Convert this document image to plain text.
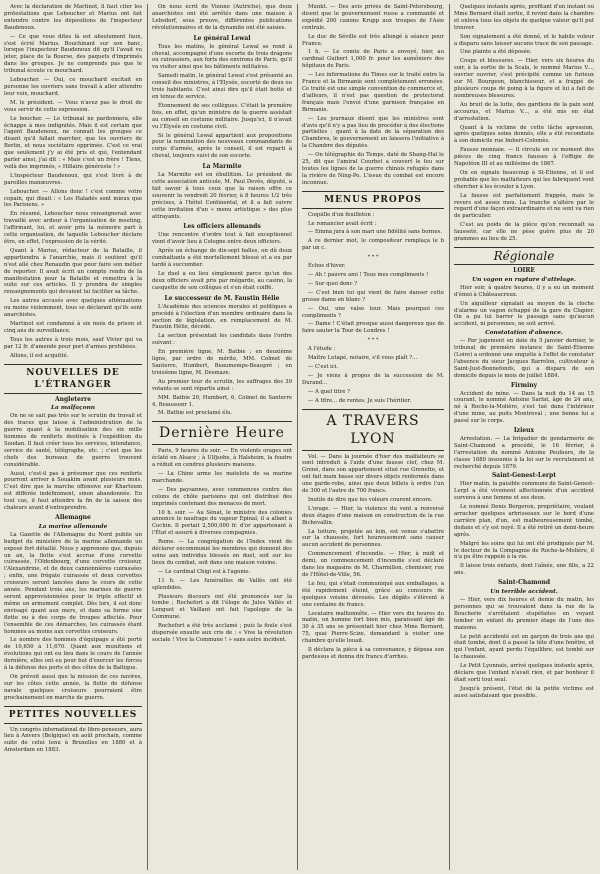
Avec la déclaration de Martinot, il faut citer les protestations que Leboucher et Marius ont fait entendre contre les dépositions de l'inspecteur Baudenoux.

— Ce que vous dites là est absolument faux, s'est écrié Marius. Bouchinant sur son banc, lorsque l'inspecteur Baudenoux dit qu'il l'avait vu jeter, place de la Bourse, des paquets d'imprimés dans les groupes. Je ne comprends pas que le tribunal écoute ce mouchard.

Leboucher. — Oui, ce mouchard excitait en personne les ouvriers sans travail à aller attendre leur voix, mouchard.

M. le président. — Vous n'avez pas le droit de vous servir de cette expression.

Le boucher. — Le tribunal ne pardonnera, elle échappe à mes indignités. Mais il est certain que l'agent Baudenoux, ne connait les groupes ce disant qu'il fallait marcher, que les ouvriers de Berlin, et nous sociétaire opprimée. C'est ce vrai que seulement j'y ai été pris et qui, l'entendant parler ainsi, j'ai dit : « Mais c'est un frère ! Tiens, voilà des imprimés, « Hillaire généreste ! »

L'inspecteur Baudenoux, qui s'est livré à de pareilles manœuvres.

Leboucher. — Allons donc ! c'est comme votre copain, qui disait : « Les Haladés sont mieux que les Parisiens. »

En résumé, Leboucher nous renseignerait avec travaillé avec ardeur à l'organisation de meeting, l'affirmant, lui, et avoir pris la mémoire part à cette organisation, de laquelle Leboucher déclare être, en effet, l'expression de la vérité.

Quant à Marius, rédacteur de la Bataille, il appartiendra à l'anarchie, mais il soutient qu'il n'est allé chez Renaudin que pour faire son métier de reporter. Il avait écrit un compte rendu de la manifestation pour la Bataille et remettra à la suite sur ces articles. Il y prendra de simples renseignements qui devaient lui faciliter sa tâche.

Les autres accusés avec quelques atténuations ou moins violemment, tous se déclarant qu'ils sont anarchistes.

Martinot est condamné à six mois de prison et cinq ans de surveillance.

Tous les autres à trois mois, sauf Vivier qui va par 12 fr. d'amende pour port d'armes prohibées.

Allons, il est acquitté.

NOUVELLES DE L'ÉTRANGER
Angleterre
La malfaçonn

On ne se sait pas très sur le scrutin du travail et des traces que laisse à l'administration de la guerre quant à la mobilisation des six mille hommes de renforts destinés à l'expédition du Soudan. Il faut créer tous les services, intendance, service de santé, télégraphe, etc. ; c'est que les chefs des bureaux de guerre trouvent considérable.

Aussi, c'est-il pas à présumer que ces renforts pourront arriver à Souakim avant plusieurs mois. C'est dire que la marche offensive sur Khartoum est différée indéfiniment, sinon abandonnée. En tout cas, il faut attendre la fin de la saison des chaleurs avant d'entreprendre.

Allemagne
La marine allemande

La Gazette de l'Allemagne du Nord publie un budget du ministère de la marine allemande un exposé fort détaillé. Nous y apprenons que, depuis un an, la flotte s'est accrue d'une corvette cuirassée, l'Oldenbourg, d'une corvette croiseur, l'Alexandrine, et de deux cannonnières cuirassées ; enfin, une frégate cuirassée et deux corvettes croiseurs seront lancées dans le cours de cette année. Pendant trois ans, les marines de guerre seront approvisionnées pour le triple effectif et même un armement complet. Dès lors, il est donc envisagé quant aux mers, et dans sa forme une flotte ou à des corps de troupes affectés. Pour l'ensemble de ces démarches, les cuirassés étant hommes au moins aux corvettes croiseurs.

Le nombre des hommes d'équipage a été porté de 10,650 à 11,670. Quant aux munitions et évolutions qui ont eu lieu dans le cours de l'année dernière, elles ont eu pour but d'exercer les forces à la défense des ports et des côtes de la Baltique.

On prévoit aussi que la mission de ces navires, sur les côtes cette année, la flotte de défense navale quelques croiseurs pourraient être prochainement en marche de guerre.

PETITES NOUVELLES

Un congrès international de libre-penseurs, aura lieu à Anvers (Belgique) en août prochain, comme suite de celui tenu à Bruxelles en 1880 et à Amsterdam en 1883.

On nous écrit de Vienne (Autriche), que deux anarchistes ont été arrêtés dans une maison à Lebsdorf, sous preuve, différentes publications révolutionnaires et de la dynamite ont été saisies.

Le général Lewal

Tous les matins, le général Lewal se rend à cheval, accompagné d'une escorte de trois dragons ou cuirassiers, aux forts des environs de Paris, qu'il va visiter ainsi que les bâtiments militaires.

Samedi matin, le général Lewal s'est présenté au conseil des ministres, à l'Élysée, escorté de deux ou trois habitants. C'est ainsi dire qu'il était botté et en tenue de service.

Étonnement de ses collègues. C'était la première fois, en effet, qu'un ministre de la guerre assistait au conseil en costume militaire. Jusqu'ici, il n'avait vu l'Élysée en costume civil.

Si le général Lewal appartient aux propositions pour la nomination des nouveaux commandants de corps d'armée, après le conseil, il est reparti à cheval, toujours suivi de son escorte.

La Marmite

La Marmite est en ébullition. Le président de cette association anticole, M. Paul Devès, député, a fait savoir à tous ceux que la raison offre ce souvenir la vendredi 20 février, à 8 heures 1/2 très précises, à l'hôtel Continental, et il a fait suivre cette invitation d'un « menu artistique » des plus attrayants.

Les officiers allemands

Une rencontre d'ordre tout à fait exceptionnel vient d'avoir lieu à Cologne entre deux officiers.

Après un échange de dix-sept balles, on dû deux combattants a été mortellement blessé et a eu par tardé à succomber.

Le duel a eu lieu simplement parce qu'un des deux officiers avait pris par mégarde, au casino, la casquette de son collègue et s'en était coiffé.

Le successeur de M. Faustin Hélie

L'Académie des sciences morales et politiques a procédé à l'élection d'un membre ordinaire dans la section de législation, en remplacement de M. Faustin Hélie, décédé.

La section présentait les candidats dans l'ordre suivant :

En première ligne, M. Batbie ; en deuxième ligne, par ordre de mérite, MM. Colmet de Santerre, Humbert, Beaumemps-Beaupré ; en troisième ligne, M. Desmaze.

Au premier tour de scrutin, les suffrages des 39 votants se sont répartis ainsi :

MM. Batbie 20, Humbert, 6, Colmet de Santerre 4, Beaussonr 1.

M. Batbie est proclamé élu.

Dernière Heure

Paris, 9 heures du soir. — En violents orages ont éclaté en Alsace ; à Ulfjsohe, à Halsheim, la foudre a réduit en cendres plusieurs maisons.

— La Chine arme les matelots de sa marine marchande.

— Des paysannes, avec commences contre des colons de chôle parisiens qui ont distribué des imprimés contenant des menaces de mort.

10 h. soir. — Au Sénat, le ministre des colonies annonce le naufrage du vapeur Épinal, il a allant à Cochin. Il portait 2,500,000 fr. d'or appartenant à l'État et assuré à diverses compagnies.

Rome. — La congrégation de l'Index vient de déclarer excommunié les membres qui donnent des soins aux individus blessés en duel, soit sur les lieux du combat, soit dans une maison voisine.

— Le cardinal Chigi est à l'agonie.

11 h. — Les funérailles de Vallès ont été splendides.

Plusieurs discours ont été prononcés sur la tombe ; Rochefort a dit l'éloge de Jules Vallès et Longuet et Vaillant ont fait l'apologie de la Commune.

Rochefort a été très acclamé ; puis la foule s'est dispersée ensuite aux cris de : « Vive la révolution sociale ! Vive la Commune ! » sans autre incident.

Munkt. — Des avis privés de Saint-Pétersbourg, disent que le gouvernement russe a commandé et expédié 200 canons Krupp aux troupes de l'Asie centrale.

Le duc de Séville est très allongé à séance pour France.

1 h. — Le comte de Paris a envoyé, hier, au cardinal Guibert 1,000 fr. pour les aumôniers des hôpitaux de Paris.

— Les informations du Times sur le traité entre la France et la Birmanie sont complètement erronées. Ce traité est une simple convention de commerce et, d'ailleurs, il n'est pas question de protectorat français mais l'envoi d'une garnison française en Birmanie.

— Les journaux disent que les ministres sont d'avis qu'il n'y a pas lieu de procéder à des élections partielles : quant à la date de la séparation des Chambres, le gouvernement en laissera l'initiative à la Chambre des députés.

— On télégraphie du Temps, daté de Shang-Haï le 25, dit que l'amiral Courbet a couvert le feu sur toutes les lignes de la guerre chinois refugiés dans la rivière de Ning-Po. L'issue du combat est encore inconnue.

MENUS PROPOS

Coquille d'un feuilleton :

Le romancier avait écrit :

— Emma jura à son mari une fidélité sans bornes.

A ce dernier mot, le compositeur remplaça le b par un c.

* * *

Échos d'hiver.

— Ah ! pauvre ami ! Tous mes compliments !

— Sur quoi donc ?

— C'est bien toi qui vient de faire danser cette grosse dame en blanc ?

— Oui, une valse tour. Mais pourquoi ces compliments ?

— Dame ! C'était presque aussi dangereux que de faire sauter la Tour de Londres !

* * *

A l'étude :

Maître Lotapé, notaire, s'il vous plaît ?...

— C'est ici.

— Je viens à propos de la succession de M. Durand...

— A quel titre ?

— A titre... de rentes. Je suis l'héritier.

A TRAVERS LYON

Vol. — Dans la journée d'hier des malfaiteurs se sont introduit à l'aide d'une fausse clef, chez M. Grené, dans son appartement situé rue Grenette, et ont fait main basse sur divers objets renfermés dans une garde-robe, ainsi que deux billets à ordre l'un de 300 et l'autre de 700 francs.

Inutile de dire que les voleurs courent encore.

L'orage. — Hier, la violence du vent a renversé deux étages d'une maison en construction de la rue Bichevallin.

La toiture, projetée au loin, est venue s'abattre sur la chaussée, fort heureusement sans causer aucun accident de personnes.

Commencement d'incendie. — Hier, à midi et demi, un commencement d'incendie s'est déclaré dans les magasins de M. Charmillon, chemisier, rue de l'Hôtel-de-Ville, 56.

Le feu, qui s'était communiqué aux emballages, a été rapidement éteint, grâce au concours de quelques voisins dévoués. Les dégâts s'élèvent à une centaine de francs.

Locataire malhonnête. — Hier vers dix heures du matin, un homme fort bien mis, paraissant âgé de 30 à 35 ans se présentait hier chez Mme Bernard, 75, quai Pierre-Scize, demandant à visiter une chambre qu'elle louait.

Il déclara la pièce à sa convenance, y déposa son pardessus et donna dix francs d'arrhes.

Quelques instants après, profitant d'un instant où Mme Bernard était sortie, il revint dans la chambre et enleva tous les objets de quelque valeur qu'il put trouver.

Son signalement a été donné, et le habile voleur a disparu sans laisser aucune trace de son passage.

Une plainte a été déposée.

Coups et blessures. — Hier, vers six heures du soir, à la sortie de la Scala, le nommé Marius V..., ouvrier ouvrier, s'est précipité comme un furieux sur M. Bourgeon, blanchisseur, et a frappé de plusieurs coups de poing à la figure et lui a fait de nombreuses blessures.

Au bruit de la lutte, des gardiens de la paix sont accourus, et Marius V..., a été mis en état d'arrestation.

Quant à la victime de cette lâche agression, après quelques soins donnés, elle a été reconduite à son domicile rue Imbert-Colomès.

Fausse monnaie. — Il circule en ce moment des pièces de cinq francs fausses à l'effigie de Napoléon III et au millésime de 1867.

On en signale beaucoup à St-Étienne, et il est probable que les malfaiteurs qui les fabriquent vont chercher à les écouler à Lyon.

La fausse est parfaitement frappée, mais le revers est assez mou. La tranche n'altère par le regard d'une façon extraordinaire et ne sont va rien de particulier.

C'est au poids de la pièce qu'on reconnaît sa fausseté, car elle ne pèse guère plus de 20 grammes au lieu de 25.

Régionale
LOIRE
Un vagon en rupture d'attelage.

Hier soir, à quatre heures, il y a eu un moment d'émoi à Châteaucreux.

Un aiguilleur signalait au moyen de la cloche d'alarme un vagon échappé de la gare du Clapier. On a pu lui barrer le passage sans qu'aucun accident, ni personnes, ne soit arrivé.

Constatation d'absence.

— Par jugement en date du 5 janvier dernier, le tribunal de première instance de Saint-Étienne (Loire) a ordonné une enquête à l'effet de constater l'absence du sieur Jacques Barrelon, cultivateur à Saint-Just-Bonnefonds, qui a disparu de son domicile depuis le mois de juillet 1884.

Firminy

Accident de mine. — Dans la nuit du 14 au 15 courant, le nommé Antoine Sarfat, âgé de 24 ans, né à Roche-la-Molière, s'est tué dans l'intérieur d'une mine, au puits Montreval ; une benne lui a passé sur le corps.

Izieux

Arrestation. — La brigadier de gendarmerie de Saint-Chamond a procédé, le 16 février, à l'arrestation du nommé Antoine Peufaure, de la classe 1880 insoumis à la loi sur le recrutement et recherché depuis 1879.

Saint-Genest-Lerpt

Hier matin, la paisible commune de Saint-Genest-Lerpt a été vivement affectionnée d'un accident survenu à une femme et ses deux.

Le nommé Denis Bergeron, propriétaire, voulant arracher quelques arbrisseaux sur le bord d'une carrière plan, d'un, est malheureusement tombé, dedans et s'y est noyé. Il a été retiré un demi-heure après.

Malgré les soins qui lui ont été prodigués par M. le docteur de la Compagnie de Roche-la-Molière, il n'a pu être rappelé à la vie.

Il laisse trois enfants, dont l'aînée, une fille, a 22 ans.

Saint-Chamond
Un terrible accident.

— Hier, vers dix heures et demie du matin, les personnes qui se trouvaient dans la rue de la Boucherie s'arrêtaient stupéfaites en voyant tomber un enfant du premier étage de l'une des maisons.

Le petit accidenté est un garçon de trois ans qui était tombé, dont il a passé la tête d'une fenêtre, et qui l'enfant, ayant perdu l'équilibre, est tombé sur la chaussée.

Le Petit Lyonnais, arrivé quelques instants après, déclare que l'enfant n'avait rien, et par bonheur il était sorti tout seul.

Jusqu'à présent, l'état de la petite victime est aussi satisfaisant que possible.
